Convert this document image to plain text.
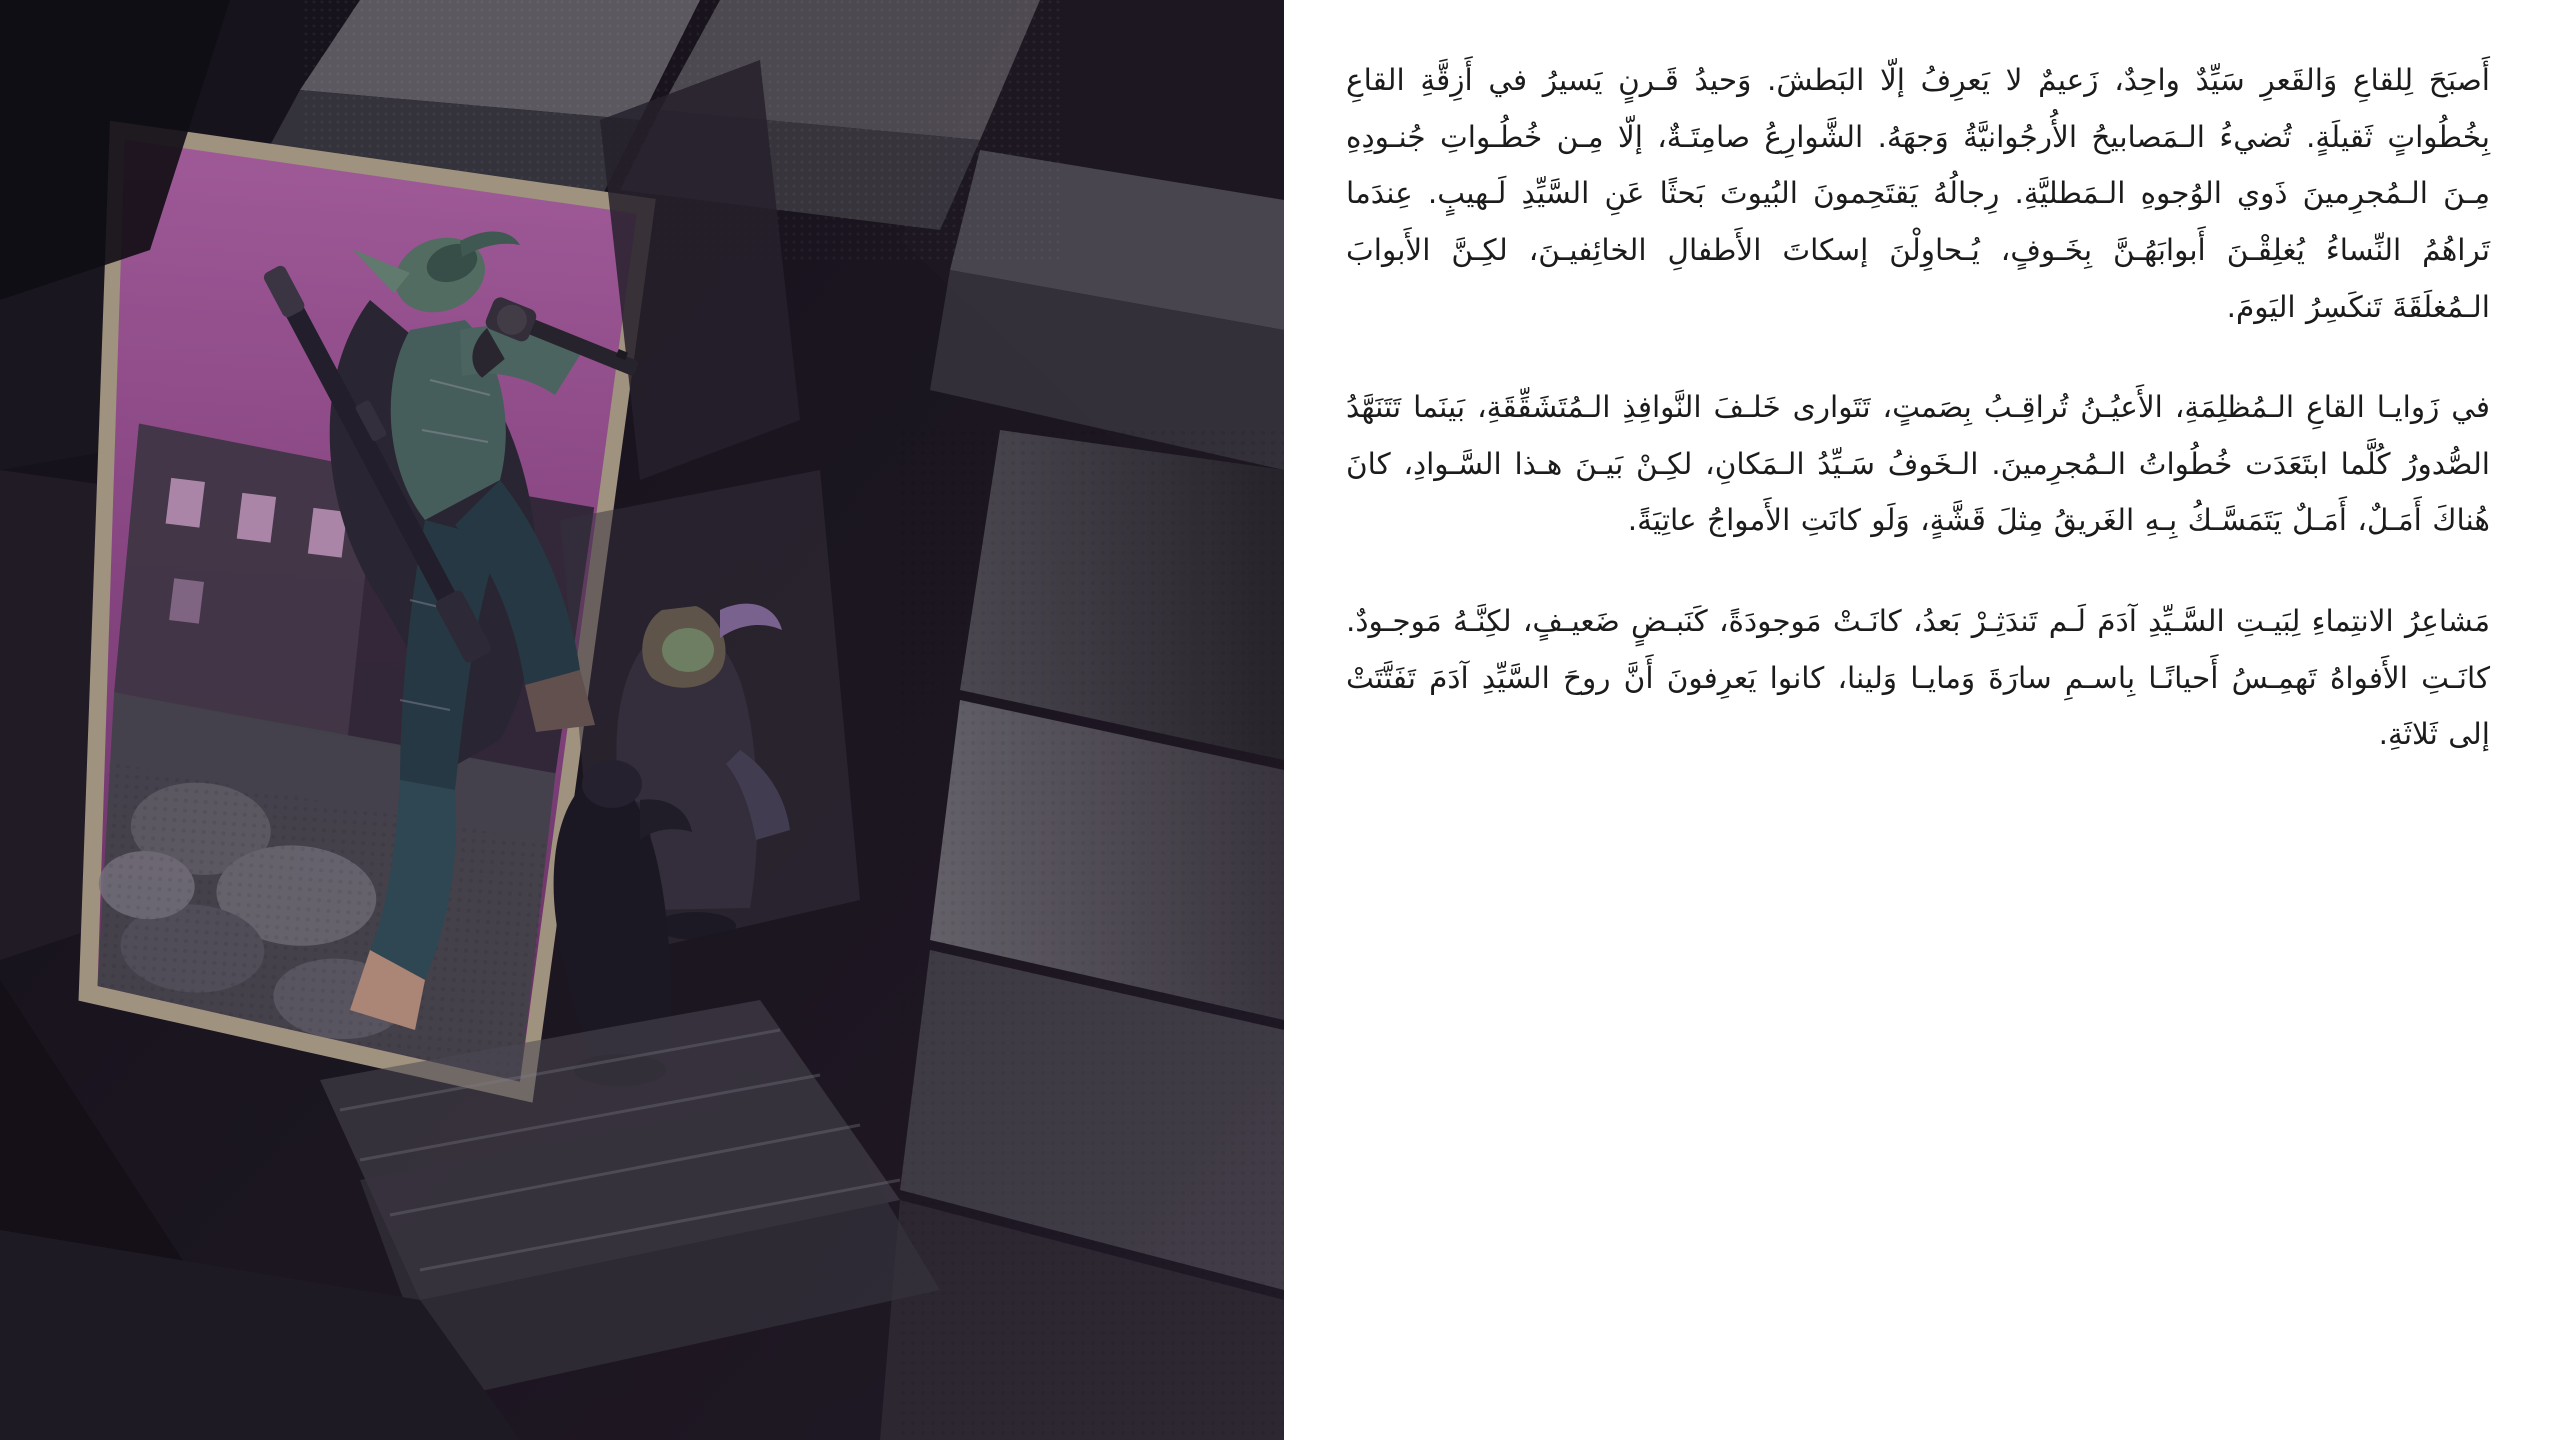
أَصبَحَ لِلقاعِ وَالقَعرِ سَيِّدٌ واحِدٌ، زَعيمٌ لا يَعرِفُ إلّا البَطشَ. وَحيدُ قَـرنٍ يَسيرُ في أَزِقَّةِ القاعِ بِخُطُواتٍ ثَقيلَةٍ. تُضيءُ الـمَصابيحُ الأُرجُوانيَّةُ وَجهَهُ. الشَّوارِعُ صامِتَـةٌ، إلّا مِـن خُطُـواتِ جُنـودِهِ مِـنَ الـمُجرِمينَ ذَوي الوُجوهِ الـمَطليَّةِ. رِجالُهُ يَقتَحِمونَ البُيوتَ بَحثًا عَنِ السَّيِّدِ لَـهيبٍ. عِندَما تَراهُمُ النِّساءُ يُغلِقْـنَ أَبوابَهُـنَّ بِخَـوفٍ، يُـحاوِلْنَ إسكاتَ الأَطفالِ الخائِفيـنَ، لكِـنَّ الأَبوابَ الـمُغلَقَةَ تَنكَسِرُ اليَومَ.

في زَوايـا القاعِ الـمُظلِمَةِ، الأَعيُـنُ تُراقِـبُ بِصَمتٍ، تَتَوارى خَلـفَ النَّوافِذِ الـمُتَشَقِّقَةِ، بَينَما تَتَنَهَّدُ الصُّدورُ كُلَّما ابتَعَدَت خُطُواتُ الـمُجرِمينَ. الـخَوفُ سَـيِّدُ الـمَكانِ، لكِـنْ بَيـنَ هـذا السَّـوادِ، كانَ هُناكَ أَمَـلٌ، أَمَـلٌ يَتَمَسَّـكُ بِـهِ الغَريقُ مِثلَ قَشَّةٍ، وَلَو كانَتِ الأَمواجُ عاتِيَةً.

مَشاعِرُ الانتِماءِ لِبَيـتِ السَّـيِّدِ آدَمَ لَـم تَندَثِـرْ بَعدُ، كانَـتْ مَوجودَةً، كَنَبـضٍ ضَعيـفٍ، لكِنَّـهُ مَوجـودٌ. كانَـتِ الأَفواهُ تَهمِـسُ أَحيانًـا بِاسـمِ سارَةَ وَمايـا وَلينا، كانوا يَعرِفونَ أَنَّ روحَ السَّيِّدِ آدَمَ تَفَتَّتَتْ إلى ثَلاثَةِ.
